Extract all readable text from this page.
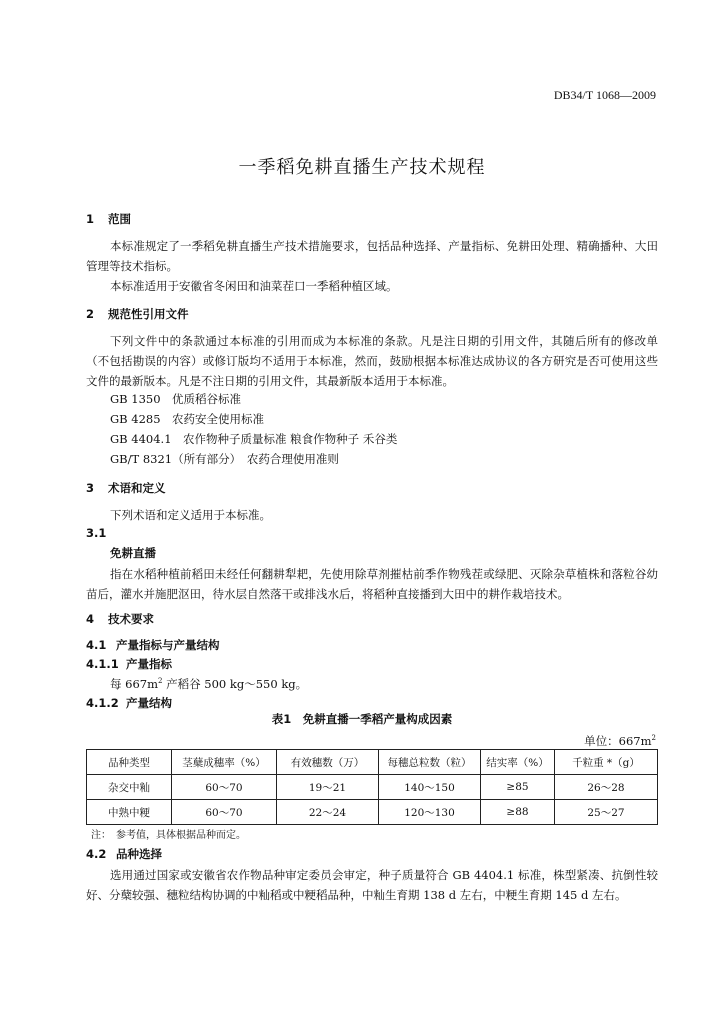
DB34/T 1068—2009
一季稻免耕直播生产技术规程
1 范围
本标准规定了一季稻免耕直播生产技术措施要求，包括品种选择、产量指标、免耕田处理、精确播种、大田管理等技术指标。
本标准适用于安徽省冬闲田和油菜茬口一季稻种植区域。
2 规范性引用文件
下列文件中的条款通过本标准的引用而成为本标准的条款。凡是注日期的引用文件，其随后所有的修改单（不包括勘误的内容）或修订版均不适用于本标准，然而，鼓励根据本标准达成协议的各方研究是否可使用这些文件的最新版本。凡是不注日期的引用文件，其最新版本适用于本标准。
GB 1350　优质稻谷标准
GB 4285　农药安全使用标准
GB 4404.1　农作物种子质量标准 粮食作物种子 禾谷类
GB/T 8321（所有部分）　农药合理使用准则
3 术语和定义
下列术语和定义适用于本标准。
3.1
免耕直播
指在水稻种植前稻田未经任何翻耕犁耙，先使用除草剂摧枯前季作物残茬或绿肥、灭除杂草植株和落粒谷幼苗后，灌水并施肥沤田，待水层自然落干或排浅水后，将稻种直接播到大田中的耕作栽培技术。
4 技术要求
4.1 产量指标与产量结构
4.1.1 产量指标
每 $667m^2$ 产稻谷 500 kg～550 kg。
4.1.2 产量结构
表1　免耕直播一季稻产量构成因素
单位：$667m^2$
品种类型	茎蘖成穗率（%）	有效穗数（万）	每穗总粒数（粒）	结实率（%）	千粒重 *（g）
杂交中籼	60～70	19～21	140～150	≥85	26～28
中熟中粳	60～70	22～24	120～130	≥88	25～27
注：　参考值，具体根据品种而定。
4.2 品种选择
选用通过国家或安徽省农作物品种审定委员会审定，种子质量符合 GB 4404.1 标准，株型紧凑、抗倒性较好、分蘖较强、穗粒结构协调的中籼稻或中粳稻品种，中籼生育期 138 d 左右，中粳生育期 145 d 左右。
